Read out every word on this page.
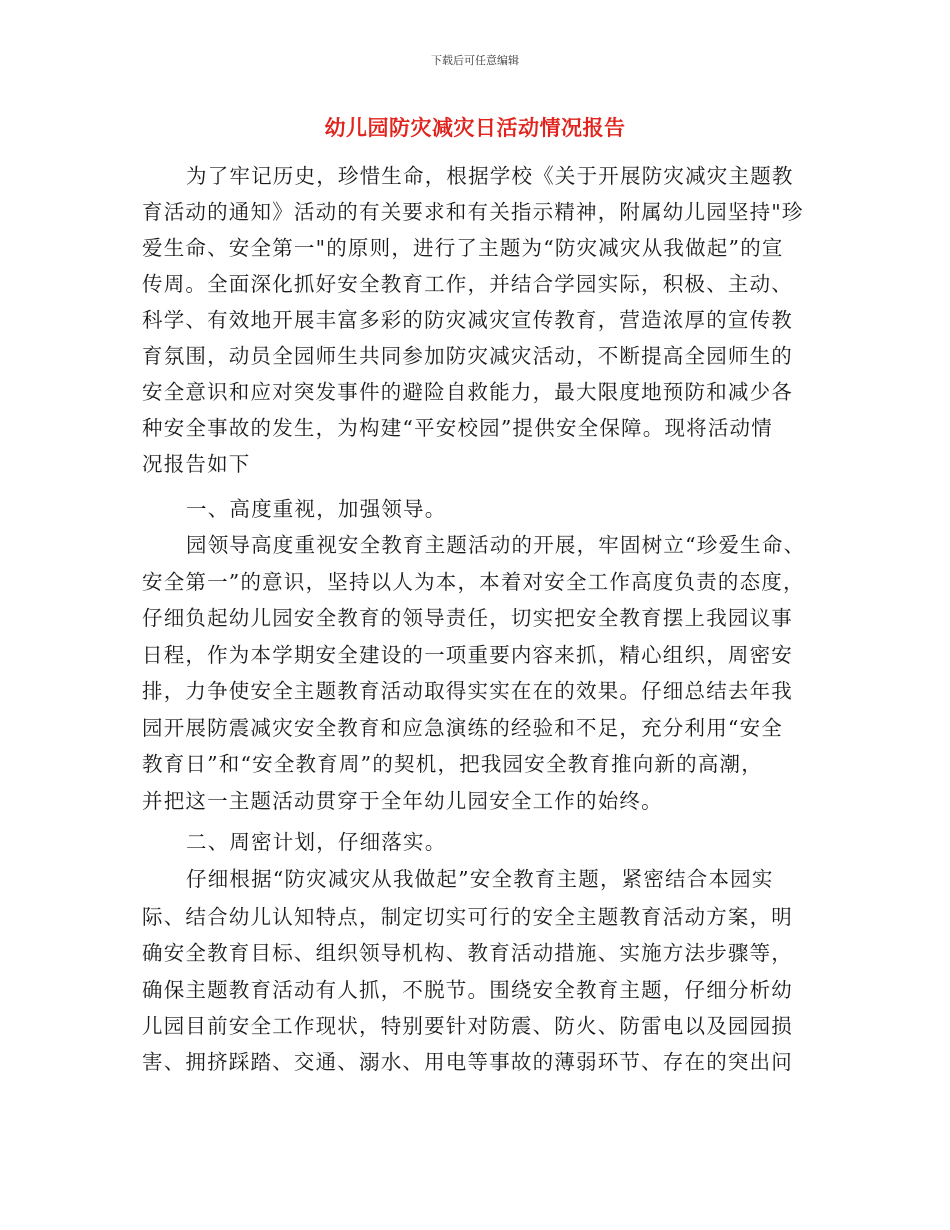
下载后可任意编辑
幼儿园防灾减灾日活动情况报告
为了牢记历史，珍惜生命，根据学校《关于开展防灾减灾主题教
育活动的通知》活动的有关要求和有关指示精神，附属幼儿园坚持"珍
爱生命、安全第一"的原则，进行了主题为“防灾减灾从我做起”的宣
传周。全面深化抓好安全教育工作，并结合学园实际，积极、主动、
科学、有效地开展丰富多彩的防灾减灾宣传教育，营造浓厚的宣传教
育氛围，动员全园师生共同参加防灾减灾活动，不断提高全园师生的
安全意识和应对突发事件的避险自救能力，最大限度地预防和减少各
种安全事故的发生，为构建“平安校园”提供安全保障。现将活动情
况报告如下
一、高度重视，加强领导。
园领导高度重视安全教育主题活动的开展，牢固树立“珍爱生命、
安全第一”的意识，坚持以人为本，本着对安全工作高度负责的态度，
仔细负起幼儿园安全教育的领导责任，切实把安全教育摆上我园议事
日程，作为本学期安全建设的一项重要内容来抓，精心组织，周密安
排，力争使安全主题教育活动取得实实在在的效果。仔细总结去年我
园开展防震减灾安全教育和应急演练的经验和不足，充分利用“安全
教育日”和“安全教育周”的契机，把我园安全教育推向新的高潮，
并把这一主题活动贯穿于全年幼儿园安全工作的始终。
二、周密计划，仔细落实。
仔细根据“防灾减灾从我做起”安全教育主题，紧密结合本园实
际、结合幼儿认知特点，制定切实可行的安全主题教育活动方案，明
确安全教育目标、组织领导机构、教育活动措施、实施方法步骤等，
确保主题教育活动有人抓，不脱节。围绕安全教育主题，仔细分析幼
儿园目前安全工作现状，特别要针对防震、防火、防雷电以及园园损
害、拥挤踩踏、交通、溺水、用电等事故的薄弱环节、存在的突出问
